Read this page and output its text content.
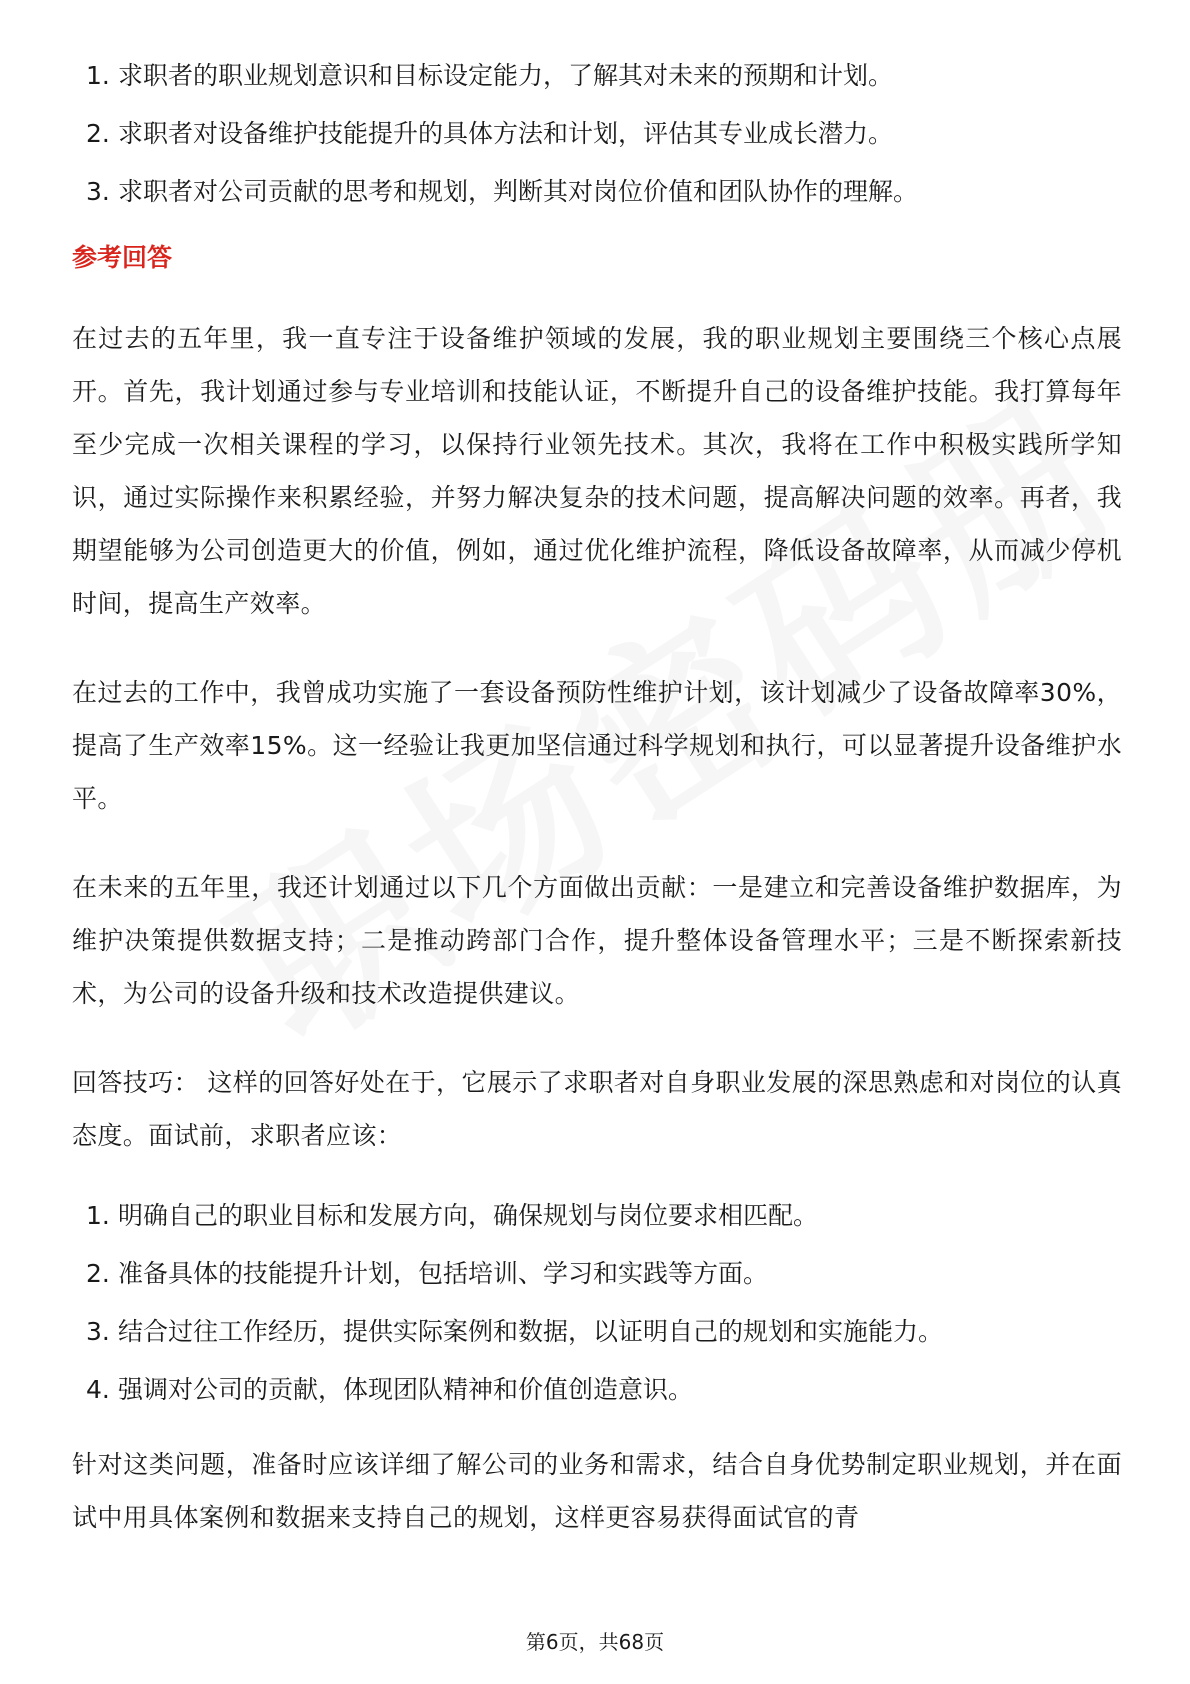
1. 求职者的职业规划意识和目标设定能力，了解其对未来的预期和计划。
2. 求职者对设备维护技能提升的具体方法和计划，评估其专业成长潜力。
3. 求职者对公司贡献的思考和规划，判断其对岗位价值和团队协作的理解。
参考回答

在过去的五年里，我一直专注于设备维护领域的发展，我的职业规划主要围绕三个核心点展开。首先，我计划通过参与专业培训和技能认证，不断提升自己的设备维护技能。我打算每年至少完成一次相关课程的学习，以保持行业领先技术。其次，我将在工作中积极实践所学知识，通过实际操作来积累经验，并努力解决复杂的技术问题，提高解决问题的效率。再者，我期望能够为公司创造更大的价值，例如，通过优化维护流程，降低设备故障率，从而减少停机时间，提高生产效率。

在过去的工作中，我曾成功实施了一套设备预防性维护计划，该计划减少了设备故障率30%，提高了生产效率15%。这一经验让我更加坚信通过科学规划和执行，可以显著提升设备维护水平。

在未来的五年里，我还计划通过以下几个方面做出贡献：一是建立和完善设备维护数据库，为维护决策提供数据支持；二是推动跨部门合作，提升整体设备管理水平；三是不断探索新技术，为公司的设备升级和技术改造提供建议。

回答技巧： 这样的回答好处在于，它展示了求职者对自身职业发展的深思熟虑和对岗位的认真态度。面试前，求职者应该：

1. 明确自己的职业目标和发展方向，确保规划与岗位要求相匹配。
2. 准备具体的技能提升计划，包括培训、学习和实践等方面。
3. 结合过往工作经历，提供实际案例和数据，以证明自己的规划和实施能力。
4. 强调对公司的贡献，体现团队精神和价值创造意识。

针对这类问题，准备时应该详细了解公司的业务和需求，结合自身优势制定职业规划，并在面试中用具体案例和数据来支持自己的规划，这样更容易获得面试官的青

第6页，共68页
